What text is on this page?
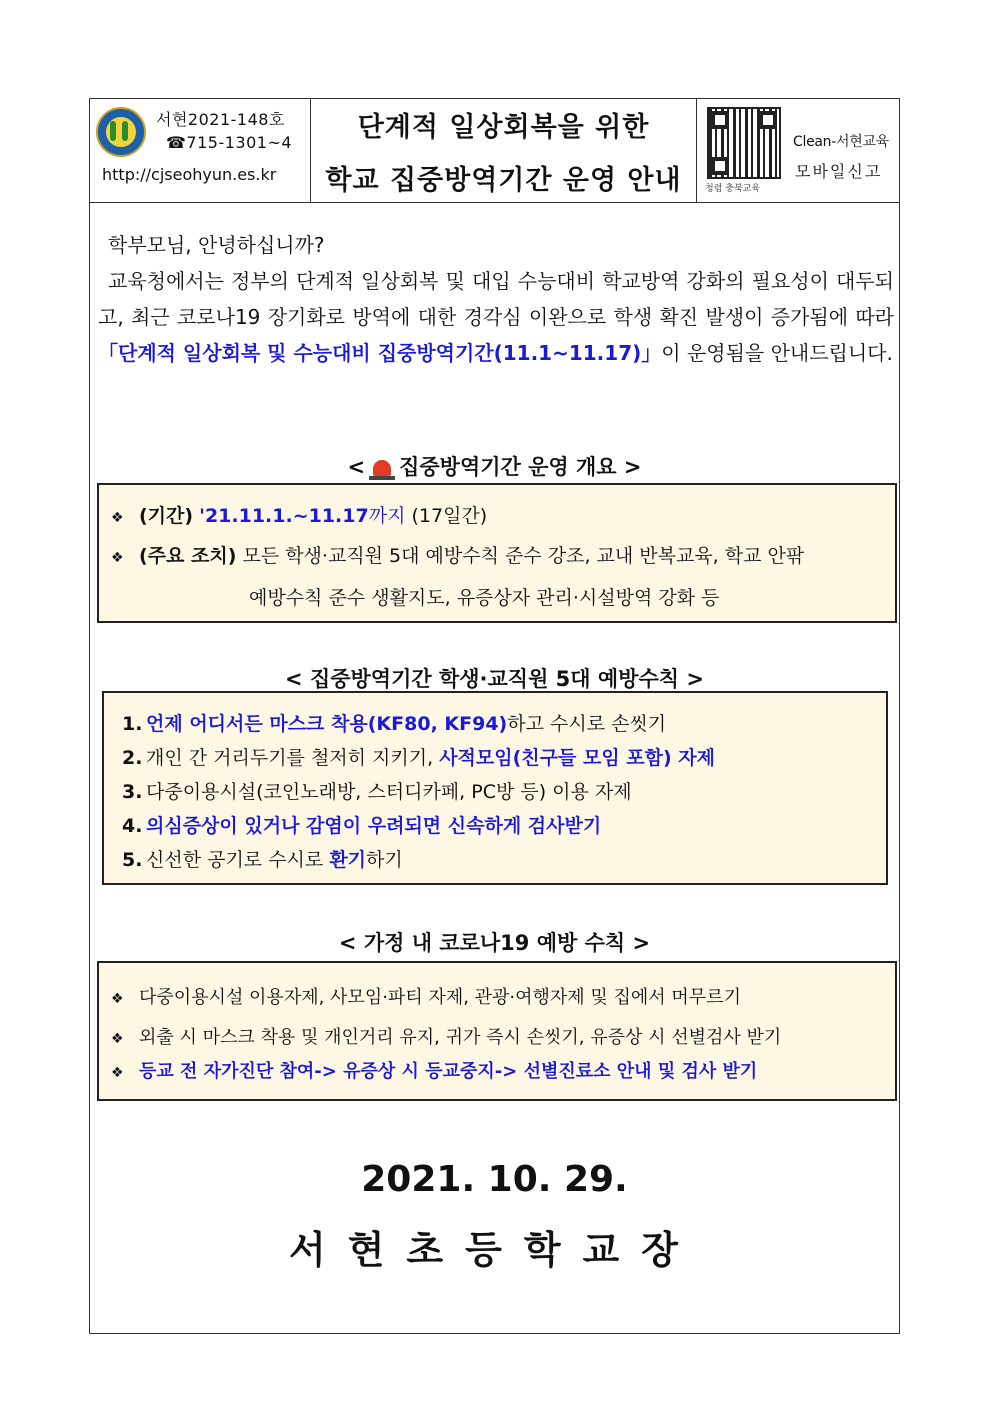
서현2021-148호
☎715-1301~4
http://cjseohyun.es.kr
단계적 일상회복을 위한
학교 집중방역기간 운영 안내	청렴 충북교육
Clean-서현교육
모바일신고

학부모님, 안녕하십니까?

교육청에서는 정부의 단계적 일상회복 및 대입 수능대비 학교방역 강화의 필요성이 대두되고, 최근 코로나19 장기화로 방역에 대한 경각심 이완으로 학생 확진 발생이 증가됨에 따라 「단계적 일상회복 및 수능대비 집중방역기간(11.1~11.17)」이 운영됨을 안내드립니다.

< 집중방역기간 운영 개요 >
❖ (기간) '21.11.1.~11.17까지 (17일간)
❖ (주요 조치) 모든 학생·교직원 5대 예방수칙 준수 강조, 교내 반복교육, 학교 안팎
예방수칙 준수 생활지도, 유증상자 관리·시설방역 강화 등
< 집중방역기간 학생·교직원 5대 예방수칙 >
1. 언제 어디서든 마스크 착용(KF80, KF94)하고 수시로 손씻기
2. 개인 간 거리두기를 철저히 지키기, 사적모임(친구들 모임 포함) 자제
3. 다중이용시설(코인노래방, 스터디카페, PC방 등) 이용 자제
4. 의심증상이 있거나 감염이 우려되면 신속하게 검사받기
5. 신선한 공기로 수시로 환기하기
< 가정 내 코로나19 예방 수칙 >
❖ 다중이용시설 이용자제, 사모임·파티 자제, 관광·여행자제 및 집에서 머무르기
❖ 외출 시 마스크 착용 및 개인거리 유지, 귀가 즉시 손씻기, 유증상 시 선별검사 받기
❖ 등교 전 자가진단 참여-> 유증상 시 등교중지-> 선별진료소 안내 및 검사 받기
2021. 10. 29.
서현초등학교장
